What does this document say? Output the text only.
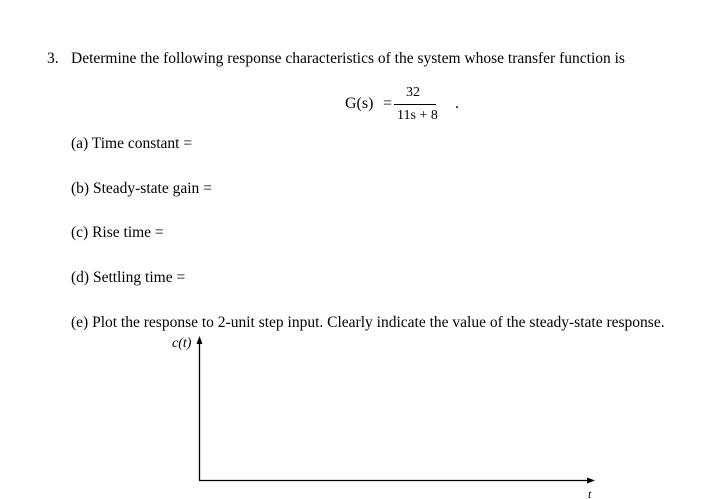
3. Determine the following response characteristics of the system whose transfer function is
G(s) =
32
11s + 8
.
(a) Time constant =
(b) Steady-state gain =
(c) Rise time =
(d) Settling time =
(e) Plot the response to 2-unit step input. Clearly indicate the value of the steady-state response.
c(t)
t
